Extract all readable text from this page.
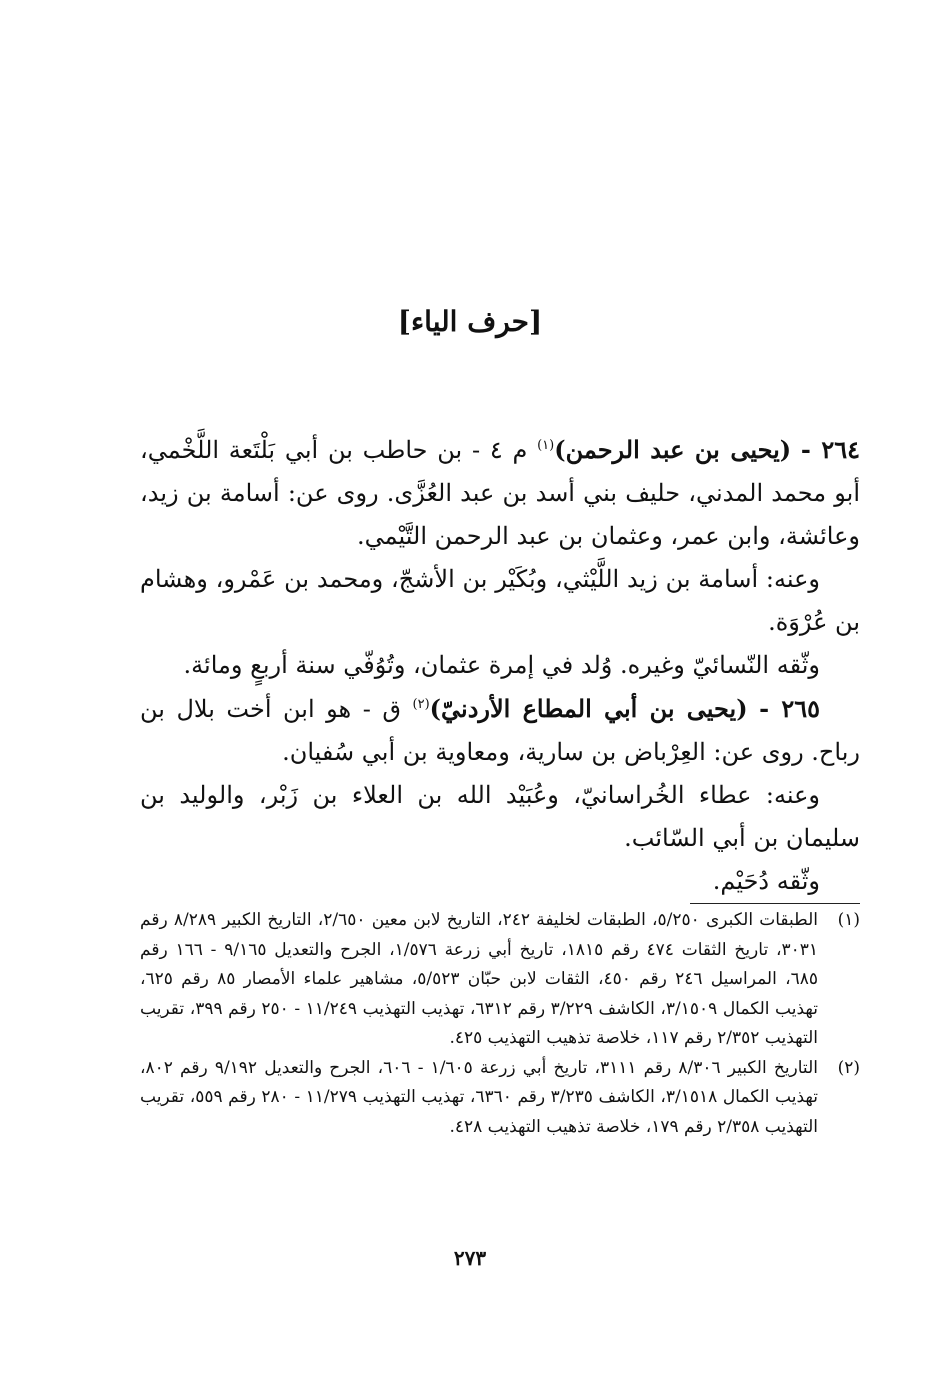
[حرف الياء]

٢٦٤ - (يحيى بن عبد الرحمن)$^{(١)}$ م ٤ - بن حاطب بن أبي بَلْتَعة اللَّخْمي، أبو محمد المدني، حليف بني أسد بن عبد العُزَّى. روى عن: أسامة بن زيد، وعائشة، وابن عمر، وعثمان بن عبد الرحمن التَّيْمي.

وعنه: أسامة بن زيد اللَّيْثي، وبُكَيْر بن الأشجّ، ومحمد بن عَمْرو، وهشام بن عُرْوَة.

وثّقه النّسائيّ وغيره. وُلد في إمرة عثمان، وتُوُفّي سنة أربعٍ ومائة.

٢٦٥ - (يحيى بن أبي المطاع الأردنيّ)$^{(٢)}$ ق - هو ابن أخت بلال بن رباح. روى عن: العِرْباض بن سارية، ومعاوية بن أبي سُفيان.

وعنه: عطاء الخُراسانيّ، وعُبَيْد الله بن العلاء بن زَبْر، والوليد بن سليمان بن أبي السّائب.

وثّقه دُحَيْم.

(١)
الطبقات الكبرى ٥/٢٥٠، الطبقات لخليفة ٢٤٢، التاريخ لابن معين ٢/٦٥٠، التاريخ الكبير ٨/٢٨٩ رقم ٣٠٣١، تاريخ الثقات ٤٧٤ رقم ١٨١٥، تاريخ أبي زرعة ١/٥٧٦، الجرح والتعديل ٩/١٦٥ - ١٦٦ رقم ٦٨٥، المراسيل ٢٤٦ رقم ٤٥٠، الثقات لابن حبّان ٥/٥٢٣، مشاهير علماء الأمصار ٨٥ رقم ٦٢٥، تهذيب الكمال ٣/١٥٠٩، الكاشف ٣/٢٢٩ رقم ٦٣١٢، تهذيب التهذيب ١١/٢٤٩ - ٢٥٠ رقم ٣٩٩، تقريب التهذيب ٢/٣٥٢ رقم ١١٧، خلاصة تذهيب التهذيب ٤٢٥.
(٢)
التاريخ الكبير ٨/٣٠٦ رقم ٣١١١، تاريخ أبي زرعة ١/٦٠٥ - ٦٠٦، الجرح والتعديل ٩/١٩٢ رقم ٨٠٢، تهذيب الكمال ٣/١٥١٨، الكاشف ٣/٢٣٥ رقم ٦٣٦٠، تهذيب التهذيب ١١/٢٧٩ - ٢٨٠ رقم ٥٥٩، تقريب التهذيب ٢/٣٥٨ رقم ١٧٩، خلاصة تذهيب التهذيب ٤٢٨.
٢٧٣
